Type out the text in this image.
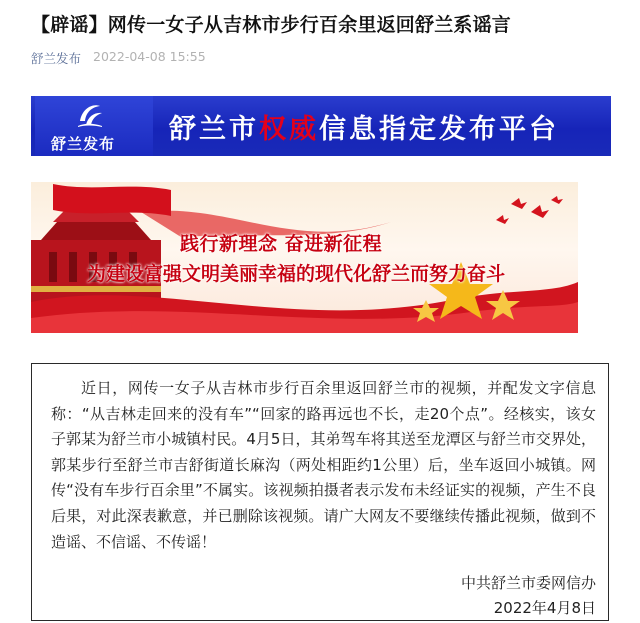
【辟谣】网传一女子从吉林市步行百余里返回舒兰系谣言
舒兰发布 2022-04-08 15:55
舒兰发布 舒兰市权威信息指定发布平台
践行新理念 奋进新征程
为建设富强文明美丽幸福的现代化舒兰而努力奋斗

近日，网传一女子从吉林市步行百余里返回舒兰市的视频，并配发文字信息称：“从吉林走回来的没有车”“回家的路再远也不长，走20个点”。经核实，该女子郭某为舒兰市小城镇村民。4月5日，其弟驾车将其送至龙潭区与舒兰市交界处，郭某步行至舒兰市吉舒街道长麻沟（两处相距约1公里）后，坐车返回小城镇。网传“没有车步行百余里”不属实。该视频拍摄者表示发布未经证实的视频，产生不良后果，对此深表歉意，并已删除该视频。请广大网友不要继续传播此视频，做到不造谣、不信谣、不传谣！

中共舒兰市委网信办
2022年4月8日
